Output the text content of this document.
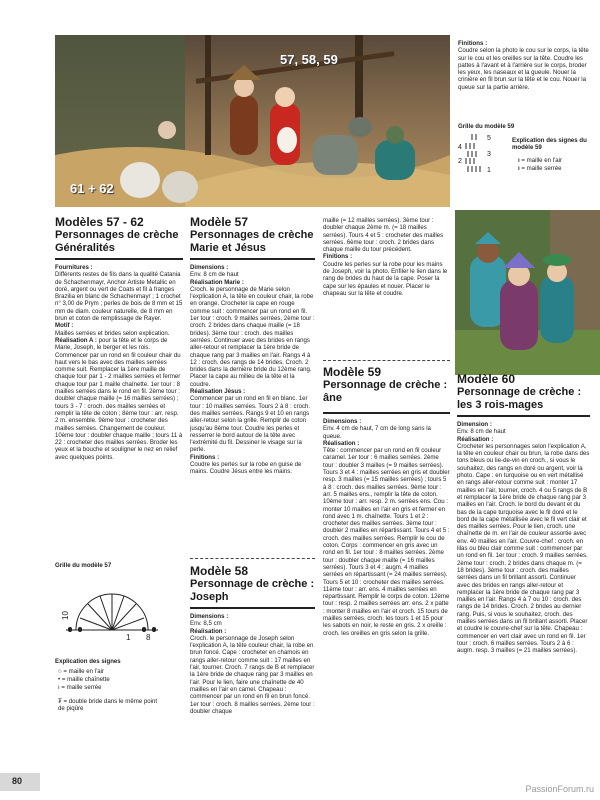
57, 58, 59
61 + 62

Finitions :

Coudre selon la photo le cou sur le corps, la tête sur le cou et les oreilles sur la tête. Coudre les pattes à l'avant et à l'arrière sur le corps, broder les yeux, les naseaux et la gueule. Nouer la crinière en fil brun sur la tête et le cou. Nouer la queue sur la partie arrière.

Grille du modèle 59
5
4
3
2
1
Explication des signes du modèle 59
ı = maille en l'air
ı = maille serrée
Modèles 57 - 62
Personnages de crèche Généralités

Fournitures :

Différents restes de fils dans la qualité Catania de Schachenmayr, Anchor Artiste Metallic en doré, argent ou vert de Coats et fil à franges Brazilia en blanc de Schachenmayr ; 1 crochet n° 3,00 de Prym ; perles de bois de 8 mm et 15 mm de diam. couleur naturelle, de 8 mm en brun et coton de remplissage de Rayer.

Motif :

Mailles serrées et brides selon explication.

Réalisation A : pour la tête et le corps de Marie, Joseph, le berger et les rois. Commencer par un rond en fil couleur chair du haut vers le bas avec des mailles serrées comme suit. Remplacer la 1ère maille de chaque tour par 1 - 2 mailles serrées et fermer chaque tour par 1 maille chaînette. 1er tour : 8 mailles serrées dans le rond en fil. 2ème tour : doubler chaque maille (= 16 mailles serrées) ; tours 3 - 7 : croch. des mailles serrées et remplir la tête de coton ; 8ème tour : arr. resp. 2 m. ensemble. 9ème tour : crocheter des mailles serrées. Changement de couleur. 10ème tour : doubler chaque maille ; tours 11 à 22 : crocheter des mailles serrées. Broder les yeux et la bouche et souligner le nez en relief avec quelques points.

Grille du modèle 57
10
1 8
Explication des signes
○ = maille en l'air
• = maille chaînette
ı = maille serrée
₮ = double bride dans le même point de piqûre
Modèle 57
Personnages de crèche Marie et Jésus

Dimensions :

Env. 8 cm de haut

Réalisation Marie :

Croch. le personnage de Marie selon l'explication A, la tête en couleur chair, la robe en orange. Crocheter la cape en rouge comme suit : commencer par un rond en fil. 1er tour : croch. 9 mailles serrées, 2ème tour : croch. 2 brides dans chaque maille (= 18 brides). 3ème tour : croch. des mailles serrées. Continuer avec des brides en rangs aller-retour et remplacer la 1ère bride de chaque rang par 3 mailles en l'air. Rangs 4 à 12 : croch. des rangs de 14 brides. Croch. 2 brides dans la dernière bride du 12ème rang. Placer la cape au milieu de la tête et la coudre.

Réalisation Jésus :

Commencer par un rond en fil en blanc. 1er tour : 10 mailles serrées. Tours 2 à 8 : croch. des mailles serrées. Rangs 9 et 10 en rangs aller-retour selon la grille. Remplir de coton jusqu'au 8ème tour. Coudre les perles et resserrer le bord autour de la tête avec l'extrémité du fil. Dessiner le visage sur la perle.

Finitions :

Coudre les perles sur la robe en guise de mains. Coudre Jésus entre les mains.

Modèle 58
Personnage de crèche : Joseph

Dimensions :

Env. 8,5 cm

Réalisation :

Croch. le personnage de Joseph selon l'explication A, la tête couleur chair, la robe en brun foncé. Cape : crocheter en chamois en rangs aller-retour comme suit : 17 mailles en l'air, tourner. Croch. 7 rangs de B et remplacer la 1ère bride de chaque rang par 3 mailles en l'air. Pour le lien, faire une chaînette de 40 mailles en l'air en camel. Chapeau : commencer par un rond en fil en brun foncé. 1er tour : croch. 8 mailles serrées. 2ème tour : doubler chaque

maille (= 12 mailles serrées). 3ème tour : doubler chaque 2ème m. (= 18 mailles serrées). Tours 4 et 5 : crocheter des mailles serrées. 6ème tour : croch. 2 brides dans chaque maille du tour précédent.

Finitions :

Coudre les perles sur la robe pour les mains de Joseph, voir la photo. Enfiler le lien dans le rang de brides du haut de la cape. Poser la cape sur les épaules et nouer. Placer le chapeau sur la tête et coudre.

Modèle 59
Personnage de crèche : âne

Dimensions :

Env. 4 cm de haut, 7 cm de long sans la queue.

Réalisation :

Tête : commencer par un rond en fil couleur caramel. 1er tour : 6 mailles serrées. 2ème tour : doubler 3 mailles (= 9 mailles serrées). Tours 3 et 4 : mailles serrées en gris et doubler resp. 3 mailles (= 15 mailles serrées) ; tours 5 à 8 : croch. des mailles serrées. 9ème tour : arr. 5 mailles ens., remplir la tête de coton. 10ème tour : arr. resp. 2 m. serrées ens. Cou : monter 10 mailles en l'air en gris et fermer en rond avec 1 m. chaînette. Tours 1 et 2 : crocheter des mailles serrées. 3ème tour : doubler 2 mailles en répartissant. Tours 4 et 5 : croch. des mailles serrées. Remplir le cou de coton. Corps : commencer en gris avec un rond en fil. 1er tour : 8 mailles serrées. 2ème tour : doubler chaque maille (= 16 mailles serrées). Tours 3 et 4 : augm. 4 mailles serrées en répartissant (= 24 mailles serrées). Tours 5 et 10 : crocheter des mailles serrées. 11ème tour : arr. ens. 4 mailles serrées en répartissant. Remplir le corps de coton. 12ème tour : resp. 2 mailles serrées arr. ens. 2 x patte : monter 8 mailles en l'air et croch. 15 tours de mailles serrées, croch. les tours 1 et 15 pour les sabots en noir, le reste en gris. 2 x oreille : croch. les oreilles en gris selon la grille.

Modèle 60
Personnage de crèche : les 3 rois-mages

Dimension :

Env. 8 cm de haut

Réalisation :

Crocheter les personnages selon l'explication A, la tête en couleur chair ou brun, la robe dans des tons bleus ou lie-de-vin en croch., si vous le souhaitez, des rangs en doré ou argent, voir la photo. Cape : en turquoise ou en vert métallisé en rangs aller-retour comme suit : monter 17 mailles en l'air, tourner, croch. 4 ou 5 rangs de B et remplacer la 1ère bride de chaque rang par 3 mailles en l'air. Croch. le bord du devant et du bas de la cape turquoise avec le fil doré et le bord de la cape métallisée avec le fil vert clair et des mailles serrées. Pour le lien, croch. une chaînette de m. en l'air de couleur assortie avec env. 40 mailles en l'air. Couvre-chef : croch. en lilas ou bleu clair comme suit : commencer par un rond en fil. 1er tour : croch. 9 mailles serrées. 2ème tour : croch. 2 brides dans chaque m. (= 18 brides). 3ème tour : croch. des mailles serrées dans un fil brillant assorti. Continuer avec des brides en rangs aller-retour et remplacer la 1ère bride de chaque rang par 3 mailles en l'air. Rangs 4 à 7 ou 10 : croch. des rangs de 14 brides. Croch. 2 brides au dernier rang. Puis, si vous le souhaitez, croch. des mailles serrées dans un fil brillant assorti. Placer et coudre le couvre-chef sur la tête. Chapeau : commencer en vert clair avec un rond en fil. 1er tour : croch. 6 mailles serrées. Tours 2 à 6 : augm. resp. 3 mailles (= 21 mailles serrées).

80
PassionForum.ru
